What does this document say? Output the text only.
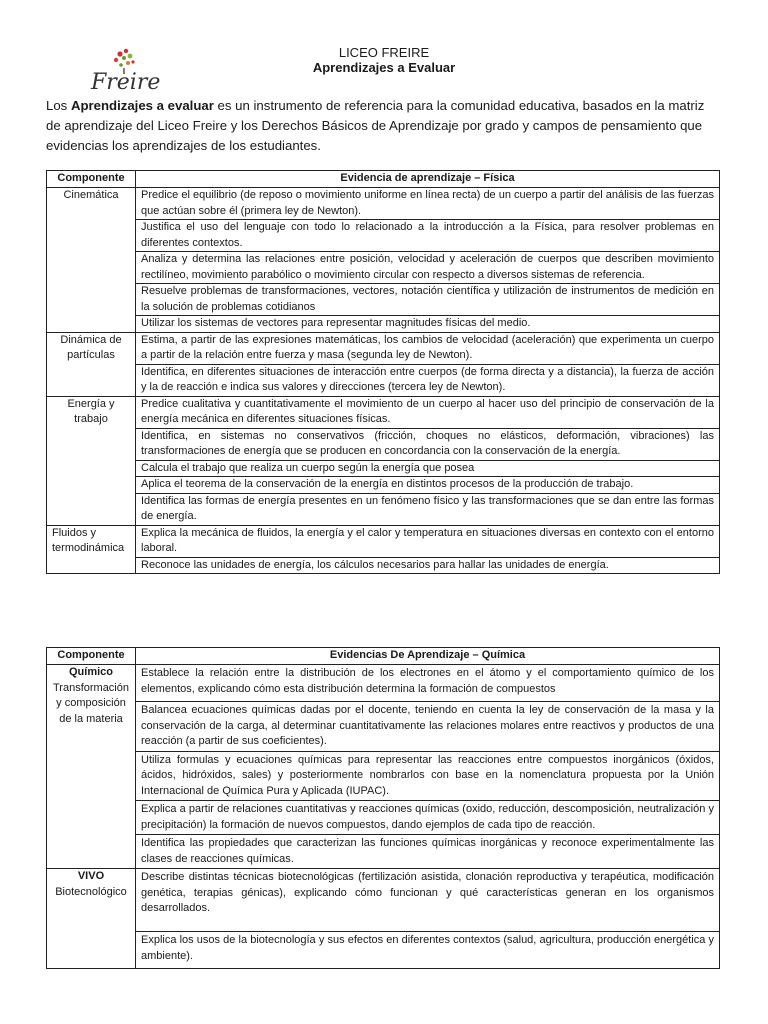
Freire
LICEO FREIRE
Aprendizajes a Evaluar

Los Aprendizajes a evaluar es un instrumento de referencia para la comunidad educativa, basados en la matriz de aprendizaje del Liceo Freire y los Derechos Básicos de Aprendizaje por grado y campos de pensamiento que evidencias los aprendizajes de los estudiantes.

Componente	Evidencia de aprendizaje – Física
Cinemática	Predice el equilibrio (de reposo o movimiento uniforme en línea recta) de un cuerpo a partir del análisis de las fuerzas que actúan sobre él (primera ley de Newton).
	Justifica el uso del lenguaje con todo lo relacionado a la introducción a la Física, para resolver problemas en diferentes contextos.
	Analiza y determina las relaciones entre posición, velocidad y aceleración de cuerpos que describen movimiento rectilíneo, movimiento parabólico o movimiento circular con respecto a diversos sistemas de referencia.
	Resuelve problemas de transformaciones, vectores, notación científica y utilización de instrumentos de medición en la solución de problemas cotidianos
	Utilizar los sistemas de vectores para representar magnitudes físicas del medio.
Dinámica de partículas	Estima, a partir de las expresiones matemáticas, los cambios de velocidad (aceleración) que experimenta un cuerpo a partir de la relación entre fuerza y masa (segunda ley de Newton).
	Identifica, en diferentes situaciones de interacción entre cuerpos (de forma directa y a distancia), la fuerza de acción y la de reacción e indica sus valores y direcciones (tercera ley de Newton).
Energía y trabajo	Predice cualitativa y cuantitativamente el movimiento de un cuerpo al hacer uso del principio de conservación de la energía mecánica en diferentes situaciones físicas.
	Identifica, en sistemas no conservativos (fricción, choques no elásticos, deformación, vibraciones) las transformaciones de energía que se producen en concordancia con la conservación de la energía.
	Calcula el trabajo que realiza un cuerpo según la energía que posea
	Aplica el teorema de la conservación de la energía en distintos procesos de la producción de trabajo.
	Identifica las formas de energía presentes en un fenómeno físico y las transformaciones que se dan entre las formas de energía.
Fluidos y termodinámica	Explica la mecánica de fluidos, la energía y el calor y temperatura en situaciones diversas en contexto con el entorno laboral.
	Reconoce las unidades de energía, los cálculos necesarios para hallar las unidades de energía.
Componente	Evidencias De Aprendizaje – Química

Químico
Transformación y composición de la materia	Establece la relación entre la distribución de los electrones en el átomo y el comportamiento químico de los elementos, explicando cómo esta distribución determina la formación de compuestos
	Balancea ecuaciones químicas dadas por el docente, teniendo en cuenta la ley de conservación de la masa y la conservación de la carga, al determinar cuantitativamente las relaciones molares entre reactivos y productos de una reacción (a partir de sus coeficientes).
	Utiliza formulas y ecuaciones químicas para representar las reacciones entre compuestos inorgánicos (óxidos, ácidos, hidróxidos, sales) y posteriormente nombrarlos con base en la nomenclatura propuesta por la Unión Internacional de Química Pura y Aplicada (IUPAC).
	Explica a partir de relaciones cuantitativas y reacciones químicas (oxido, reducción, descomposición, neutralización y precipitación) la formación de nuevos compuestos, dando ejemplos de cada tipo de reacción.
	Identifica las propiedades que caracterizan las funciones químicas inorgánicas y reconoce experimentalmente las clases de reacciones químicas.

VIVO
Biotecnológico	Describe distintas técnicas biotecnológicas (fertilización asistida, clonación reproductiva y terapéutica, modificación genética, terapias génicas), explicando cómo funcionan y qué características generan en los organismos desarrollados.
	Explica los usos de la biotecnología y sus efectos en diferentes contextos (salud, agricultura, producción energética y ambiente).
